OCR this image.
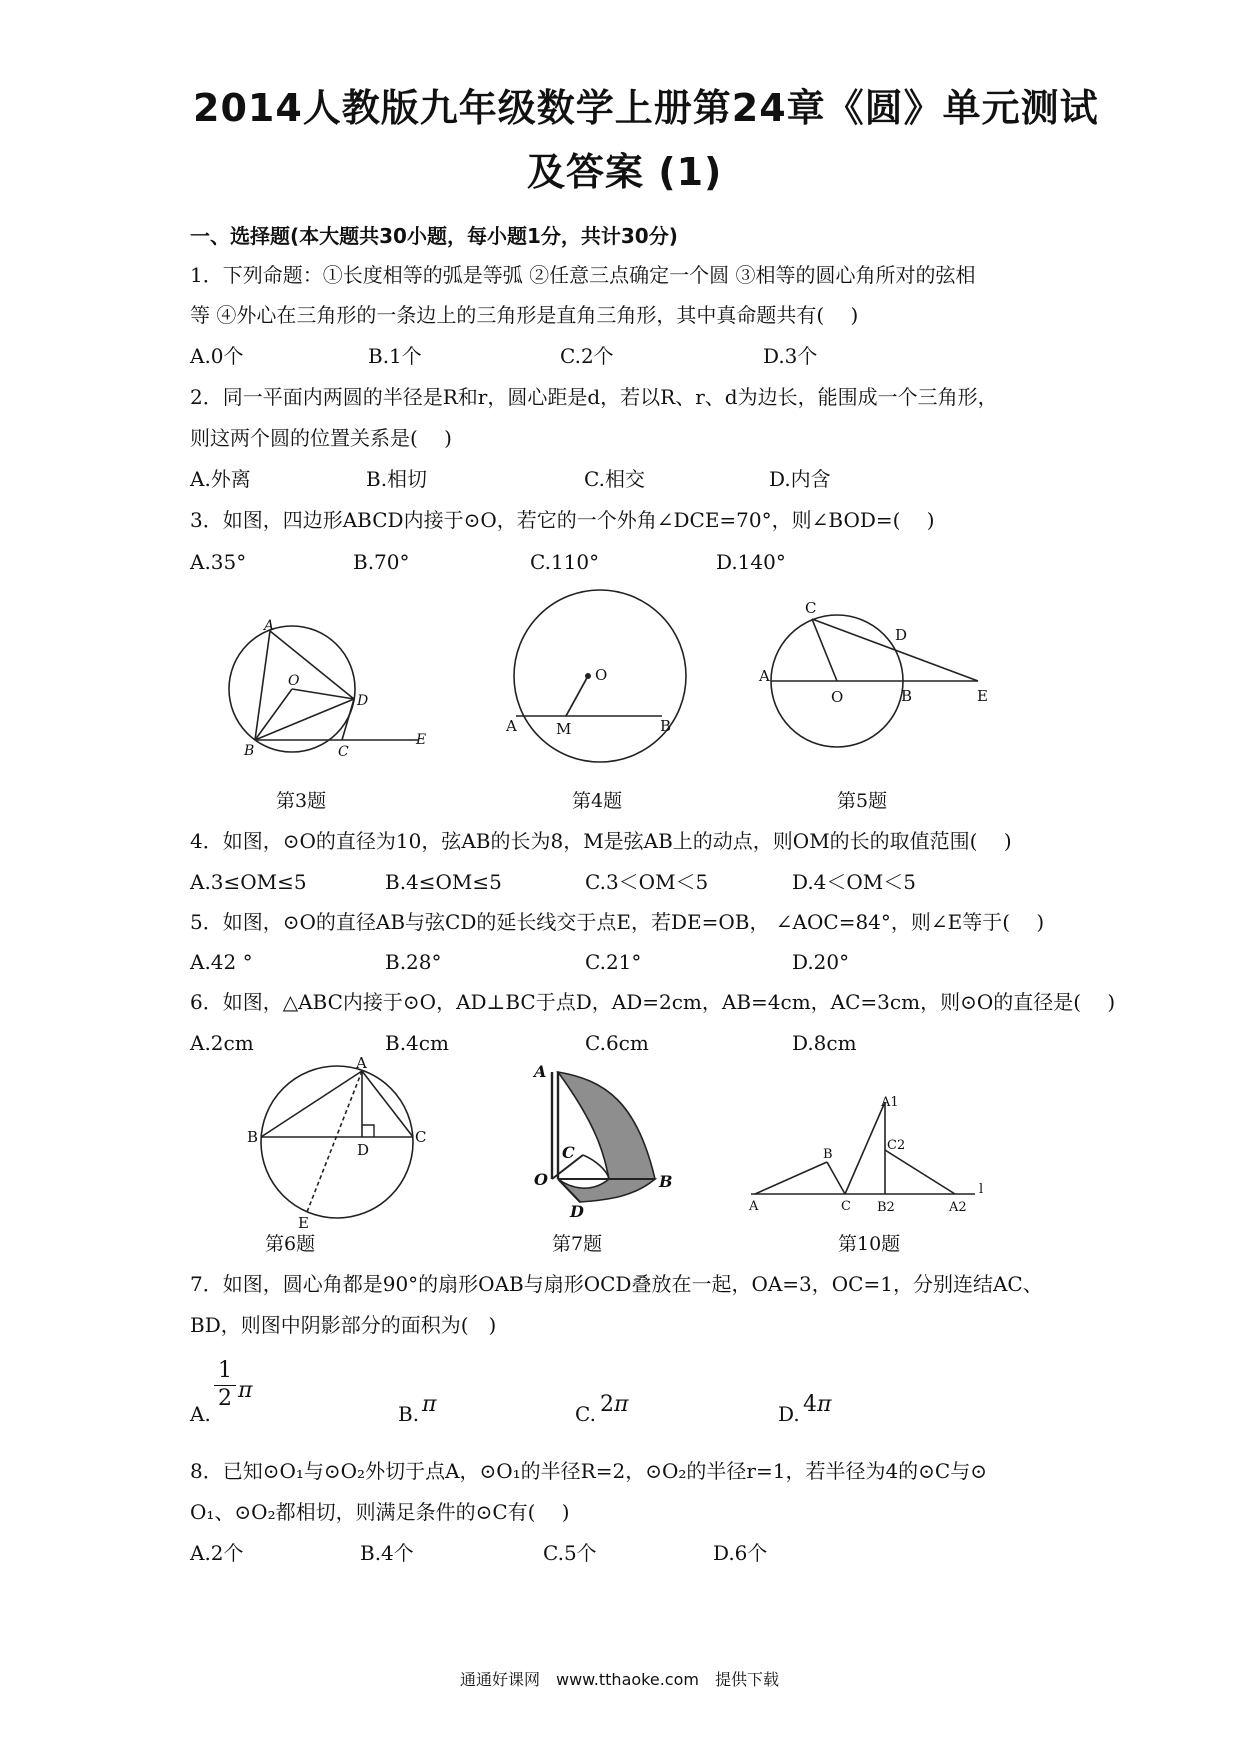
2014人教版九年级数学上册第24章《圆》单元测试
及答案 (1)
一、选择题(本大题共30小题，每小题1分，共计30分)
1．下列命题：①长度相等的弧是等弧 ②任意三点确定一个圆 ③相等的圆心角所对的弦相
等 ④外心在三角形的一条边上的三角形是直角三角形，其中真命题共有(　 )
A.0个	B.1个	C.2个	D.3个
2．同一平面内两圆的半径是R和r，圆心距是d，若以R、r、d为边长，能围成一个三角形，
则这两个圆的位置关系是(　 )
A.外离	B.相切	C.相交	D.内含
3．如图，四边形ABCD内接于⊙O，若它的一个外角∠DCE=70°，则∠BOD=(　 )
A.35°	B.70°	C.110°	D.140°
A
O
D
B	C
E
O
A	M	B
C
D
A
O	B	E
第3题	第4题	第5题
4．如图，⊙O的直径为10，弦AB的长为8，M是弦AB上的动点，则OM的长的取值范围(　 )
A.3≤OM≤5	B.4≤OM≤5	C.3＜OM＜5	D.4＜OM＜5
5．如图，⊙O的直径AB与弦CD的延长线交于点E，若DE=OB， ∠AOC=84°，则∠E等于(　 )
A.42 °	B.28°	C.21°	D.20°
6．如图，△ABC内接于⊙O，AD⊥BC于点D，AD=2cm，AB=4cm，AC=3cm，则⊙O的直径是(　 )
A.2cm	B.4cm	C.6cm	D.8cm
A
B	C
D
E
A
C
O
D
B
A1
B
C2
A	C B2	A2
l
第6题	第7题	第10题
7．如图，圆心角都是90°的扇形OAB与扇形OCD叠放在一起，OA=3，OC=1，分别连结AC、
BD，则图中阴影部分的面积为(　)
A.
1
2 π
B. π	C. 2 π	D. 4 π
8．已知⊙O₁与⊙O₂外切于点A，⊙O₁的半径R=2，⊙O₂的半径r=1，若半径为4的⊙C与⊙
O₁、⊙O₂都相切，则满足条件的⊙C有(　 )
A.2个	B.4个	C.5个	D.6个
通通好课网　www.tthaoke.com　提供下载
